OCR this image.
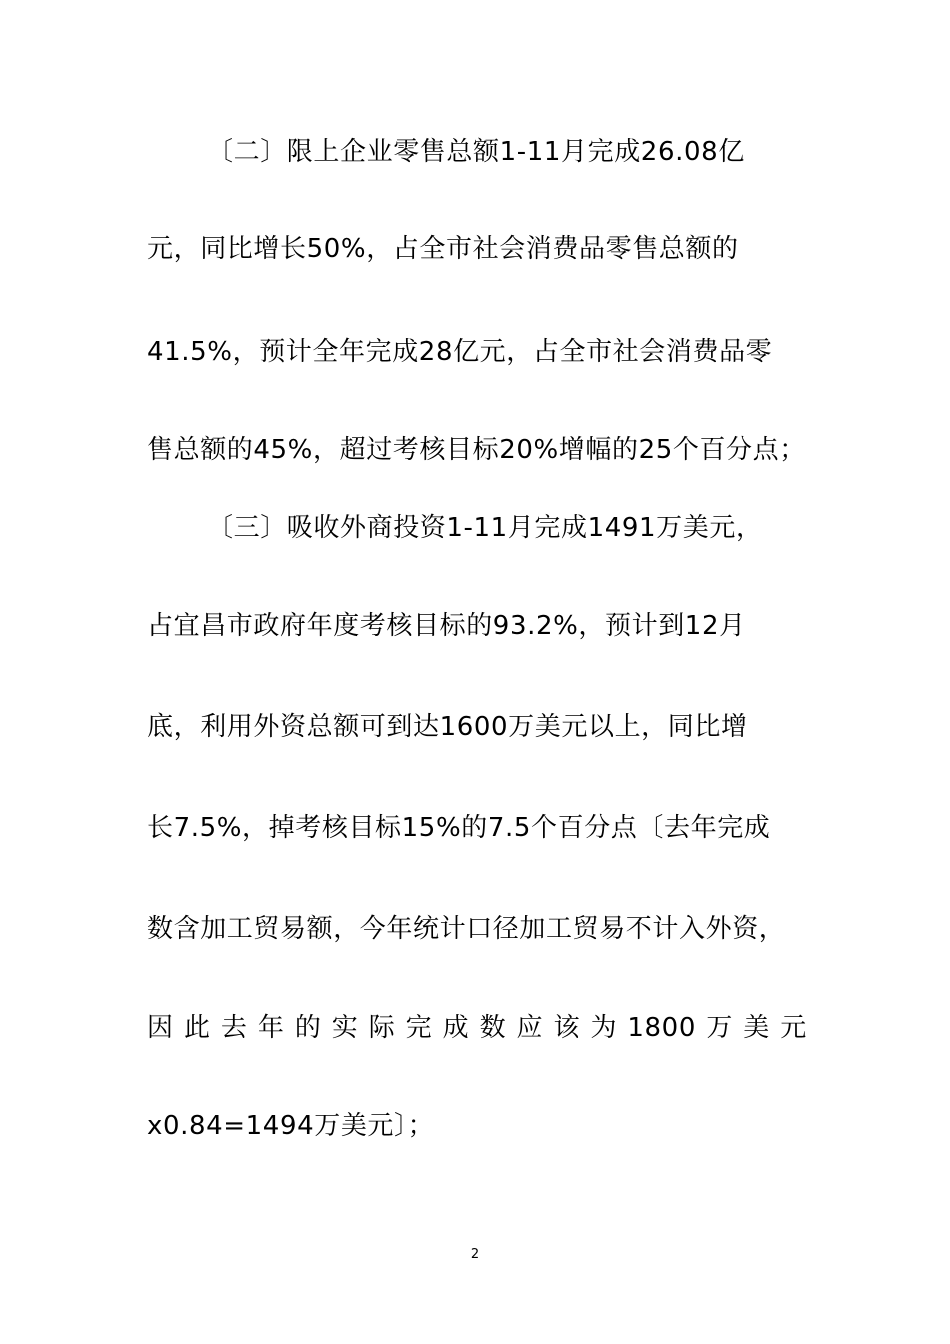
〔二〕限上企业零售总额1-11月完成26.08亿
元，同比增长50%，占全市社会消费品零售总额的
41.5%，预计全年完成28亿元，占全市社会消费品零
售总额的45%，超过考核目标20%增幅的25个百分点；
〔三〕吸收外商投资1-11月完成1491万美元，
占宜昌市政府年度考核目标的93.2%，预计到12月
底，利用外资总额可到达1600万美元以上，同比增
长7.5%，掉考核目标15%的7.5个百分点〔去年完成
数含加工贸易额，今年统计口径加工贸易不计入外资，
因 此 去 年 的 实 际 完 成 数 应 该 为 1800 万 美 元
x0.84=1494万美元〕；
2
